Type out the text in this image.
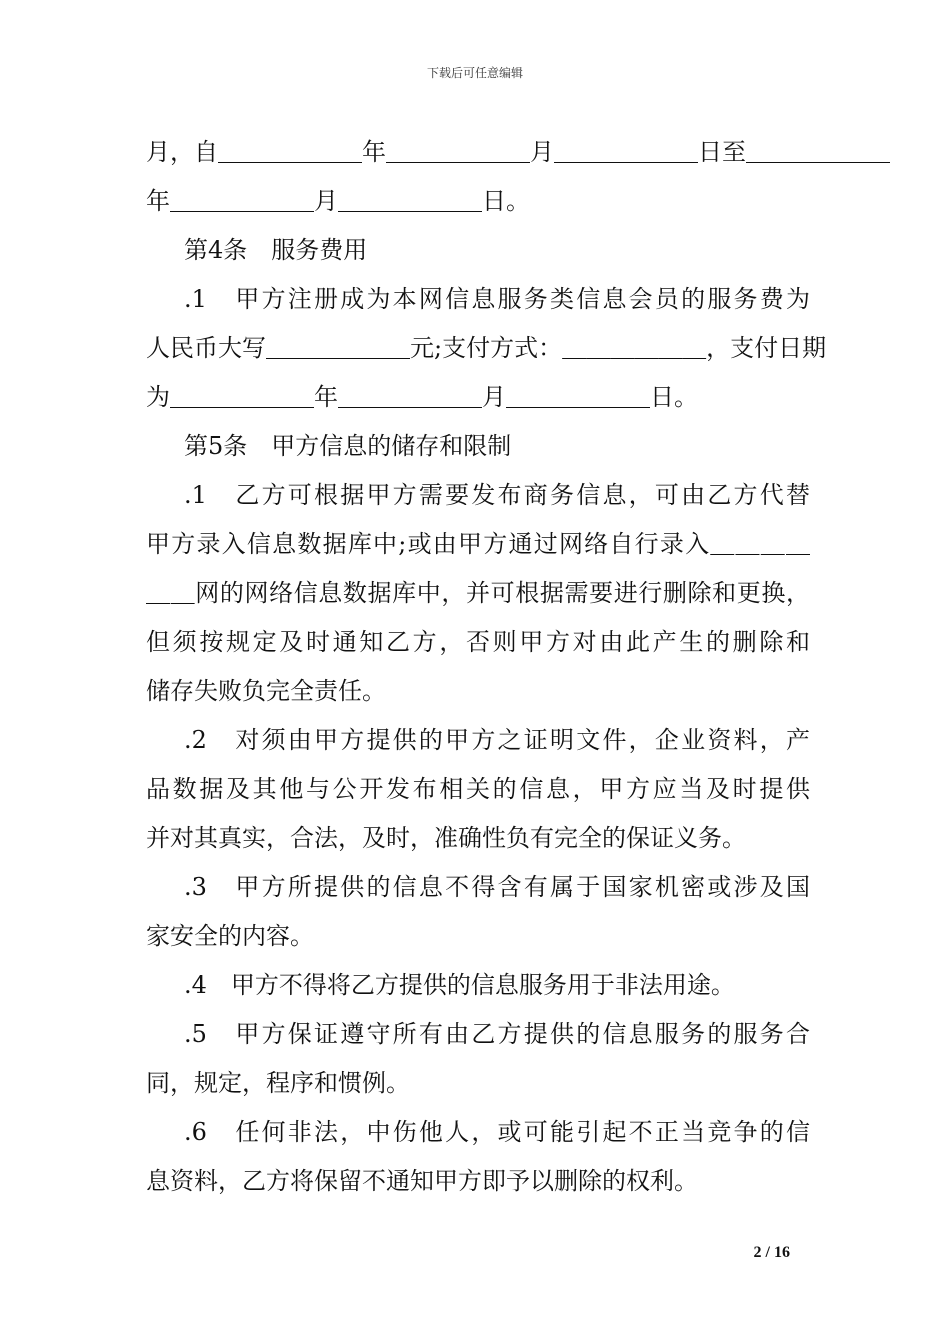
下载后可任意编辑
月，自＿＿＿＿＿＿年＿＿＿＿＿＿月＿＿＿＿＿＿日至＿＿＿＿＿＿
年＿＿＿＿＿＿月＿＿＿＿＿＿日。
第4条　服务费用
.1　甲方注册成为本网信息服务类信息会员的服务费为
人民币大写＿＿＿＿＿＿元;支付方式：＿＿＿＿＿＿，支付日期
为＿＿＿＿＿＿年＿＿＿＿＿＿月＿＿＿＿＿＿日。
第5条　甲方信息的储存和限制
.1　乙方可根据甲方需要发布商务信息，可由乙方代替
甲方录入信息数据库中;或由甲方通过网络自行录入＿＿＿＿
＿＿网的网络信息数据库中，并可根据需要进行删除和更换，
但须按规定及时通知乙方，否则甲方对由此产生的删除和
储存失败负完全责任。
.2　对须由甲方提供的甲方之证明文件，企业资料，产
品数据及其他与公开发布相关的信息，甲方应当及时提供
并对其真实，合法，及时，准确性负有完全的保证义务。
.3　甲方所提供的信息不得含有属于国家机密或涉及国
家安全的内容。
.4　甲方不得将乙方提供的信息服务用于非法用途。
.5　甲方保证遵守所有由乙方提供的信息服务的服务合
同，规定，程序和惯例。
.6　任何非法，中伤他人，或可能引起不正当竞争的信
息资料，乙方将保留不通知甲方即予以删除的权利。
2 / 16
